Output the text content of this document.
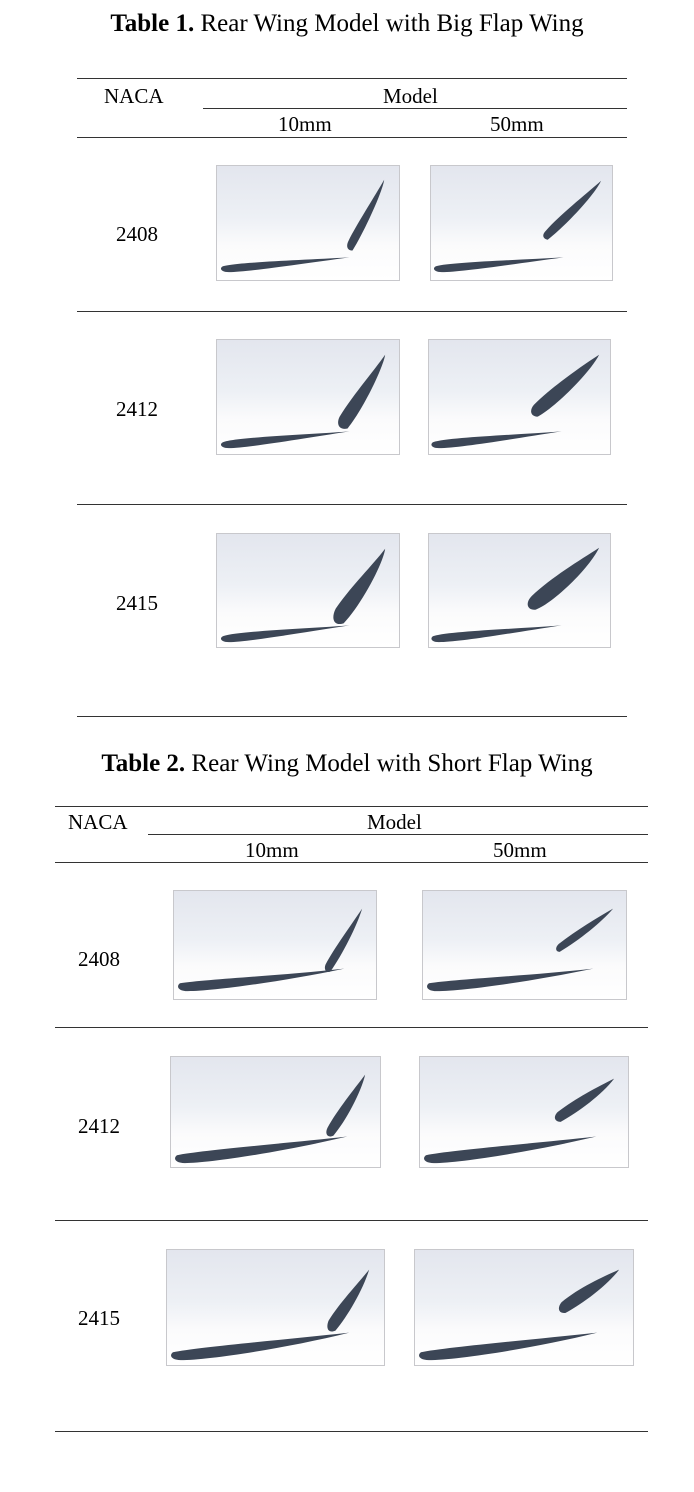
Table 1. Rear Wing Model with Big Flap Wing
NACA	Model
10mm	50mm
2408
2412
2415
Table 2. Rear Wing Model with Short Flap Wing
NACA	Model
10mm	50mm
2408
2412
2415
